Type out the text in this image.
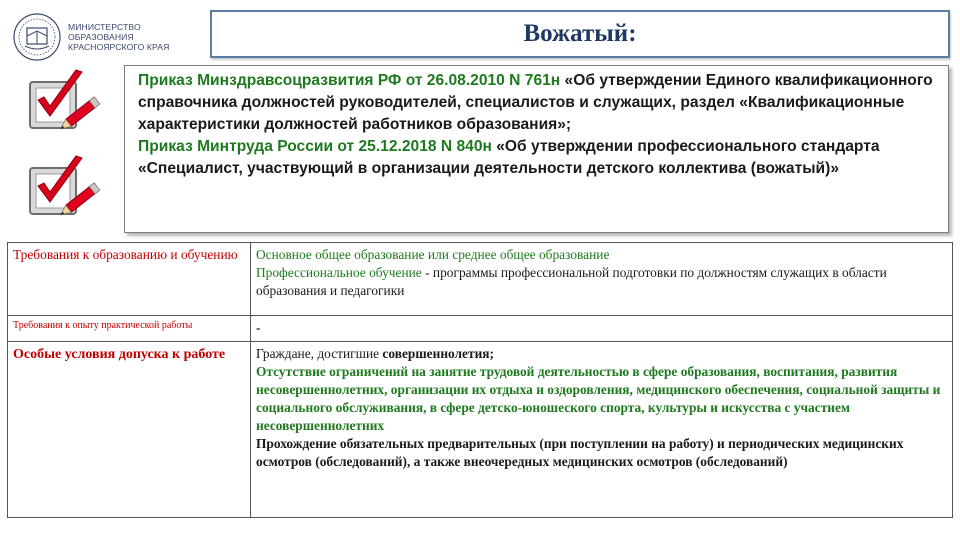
МИНИСТЕРСТВО
ОБРАЗОВАНИЯ
КРАСНОЯРСКОГО КРАЯ	Вожатый:

Приказ Минздравсоцразвития РФ от 26.08.2010 N 761н «Об утверждении Единого квалификационного справочника должностей руководителей, специалистов и служащих, раздел «Квалификационные характеристики должностей работников образования»;

Приказ Минтруда России от 25.12.2018 N 840н «Об утверждении профессионального стандарта «Специалист, участвующий в организации деятельности детского коллектива (вожатый)»

Требования к образованию и обучению	Основное общее образование или среднее общее образование
Профессиональное обучение - программы профессиональной подготовки по должностям служащих в области образования и педагогики

Требования к опыту практической работы	-
Особые условия допуска к работе	Граждане, достигшие совершеннолетия;
Отсутствие ограничений на занятие трудовой деятельностью в сфере образования, воспитания, развития несовершеннолетних, организации их отдыха и оздоровления, медицинского обеспечения, социальной защиты и социального обслуживания, в сфере детско-юношеского спорта, культуры и искусства с участием несовершеннолетних
Прохождение обязательных предварительных (при поступлении на работу) и периодических медицинских осмотров (обследований), а также внеочередных медицинских осмотров (обследований)
